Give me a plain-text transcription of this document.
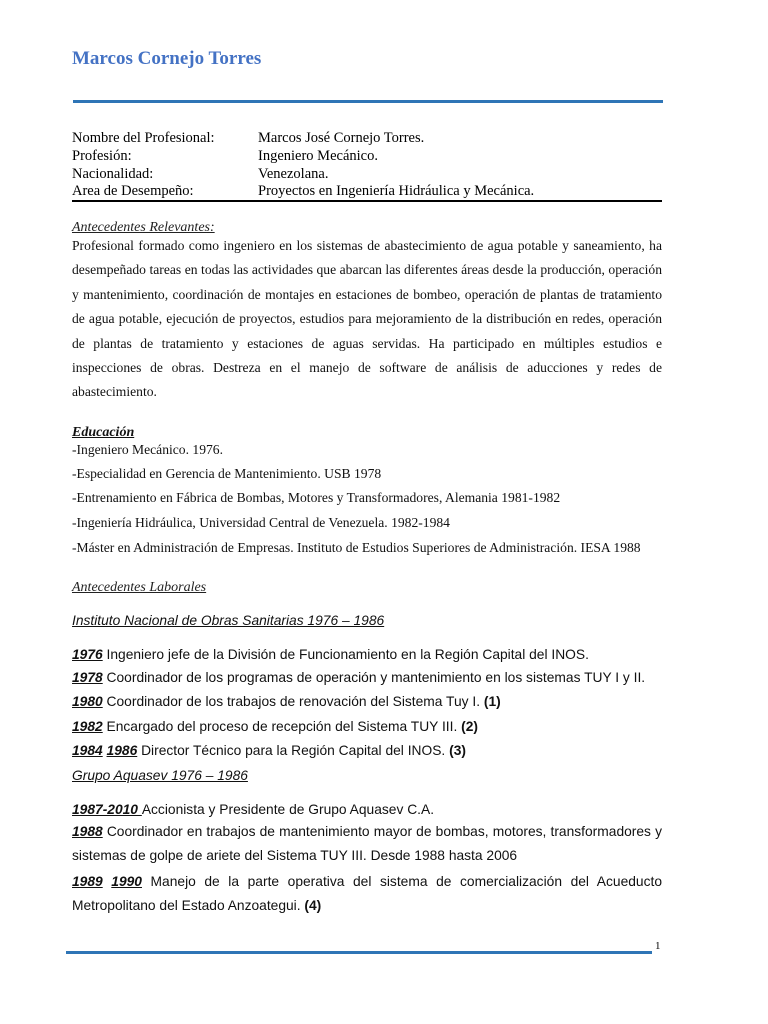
Marcos Cornejo Torres
Nombre del Profesional:	Marcos José Cornejo Torres.
Profesión:	Ingeniero Mecánico.
Nacionalidad:	Venezolana.
Area de Desempeño:	Proyectos en Ingeniería Hidráulica y Mecánica.
Antecedentes Relevantes:
Profesional formado como ingeniero en los sistemas de abastecimiento de agua potable y saneamiento, ha desempeñado tareas en todas las actividades que abarcan las diferentes áreas desde la producción, operación y mantenimiento, coordinación de montajes en estaciones de bombeo, operación de plantas de tratamiento de agua potable, ejecución de proyectos, estudios para mejoramiento de la distribución en redes, operación de plantas de tratamiento y estaciones de aguas servidas. Ha participado en múltiples estudios e inspecciones de obras. Destreza en el manejo de software de análisis de aducciones y redes de abastecimiento.
Educación
-Ingeniero Mecánico. 1976.
-Especialidad en Gerencia de Mantenimiento. USB 1978
-Entrenamiento en Fábrica de Bombas, Motores y Transformadores, Alemania 1981-1982
-Ingeniería Hidráulica, Universidad Central de Venezuela. 1982-1984
-Máster en Administración de Empresas. Instituto de Estudios Superiores de Administración. IESA 1988
Antecedentes Laborales
Instituto Nacional de Obras Sanitarias 1976 – 1986
1976 Ingeniero jefe de la División de Funcionamiento en la Región Capital del INOS.
1978 Coordinador de los programas de operación y mantenimiento en los sistemas TUY I y II.
1980 Coordinador de los trabajos de renovación del Sistema Tuy I. (1)
1982 Encargado del proceso de recepción del Sistema TUY III. (2)
1984 1986 Director Técnico para la Región Capital del INOS. (3)
Grupo Aquasev 1976 – 1986
1987-2010 Accionista y Presidente de Grupo Aquasev C.A.
1988 Coordinador en trabajos de mantenimiento mayor de bombas, motores, transformadores y sistemas de golpe de ariete del Sistema TUY III. Desde 1988 hasta 2006
1989 1990 Manejo de la parte operativa del sistema de comercialización del Acueducto Metropolitano del Estado Anzoategui. (4)
1
